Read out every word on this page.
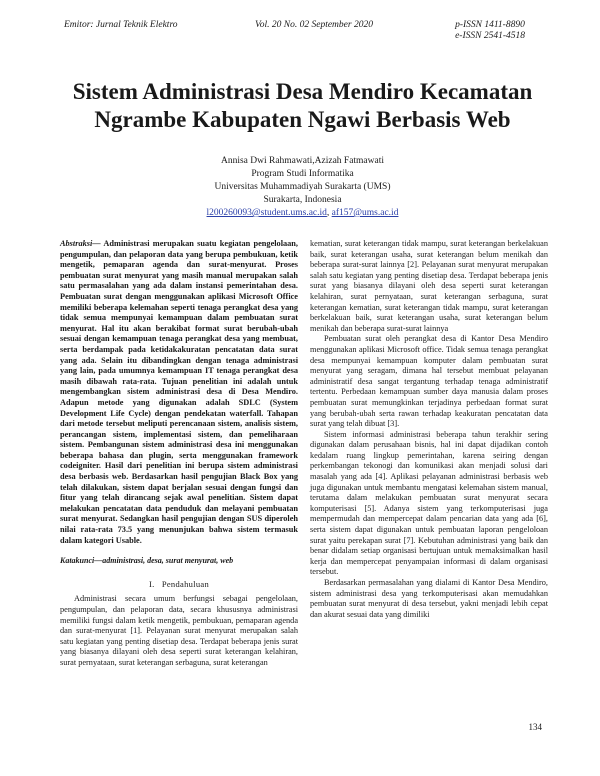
Emitor: Jurnal Teknik Elektro	Vol. 20 No. 02 September 2020	p-ISSN 1411-8890
e-ISSN 2541-4518
Sistem Administrasi Desa Mendiro Kecamatan
Ngrambe Kabupaten Ngawi Berbasis Web
Annisa Dwi Rahmawati,Azizah Fatmawati
Program Studi Informatika
Universitas Muhammadiyah Surakarta (UMS)
Surakarta, Indonesia
l200260093@student.ums.ac.id, af157@ums.ac.id

Abstraksi— Administrasi merupakan suatu kegiatan pengelolaan, pengumpulan, dan pelaporan data yang berupa pembukuan, ketik mengetik, pemaparan agenda dan surat-menyurat. Proses pembuatan surat menyurat yang masih manual merupakan salah satu permasalahan yang ada dalam instansi pemerintahan desa. Pembuatan surat dengan menggunakan aplikasi Microsoft Office memiliki beberapa kelemahan seperti tenaga perangkat desa yang tidak semua mempunyai kemampuan dalam pembuatan surat menyurat. Hal itu akan berakibat format surat berubah-ubah sesuai dengan kemampuan tenaga perangkat desa yang membuat, serta berdampak pada ketidakakuratan pencatatan data surat yang ada. Selain itu dibandingkan dengan tenaga administrasi yang lain, pada umumnya kemampuan IT tenaga perangkat desa masih dibawah rata-rata. Tujuan penelitian ini adalah untuk mengembangkan sistem administrasi desa di Desa Mendiro. Adapun metode yang digunakan adalah SDLC (System Development Life Cycle) dengan pendekatan waterfall. Tahapan dari metode tersebut meliputi perencanaan sistem, analisis sistem, perancangan sistem, implementasi sistem, dan pemeliharaan sistem. Pembangunan sistem administrasi desa ini menggunakan beberapa bahasa dan plugin, serta menggunakan framework codeigniter. Hasil dari penelitian ini berupa sistem administrasi desa berbasis web. Berdasarkan hasil pengujian Black Box yang telah dilakukan, sistem dapat berjalan sesuai dengan fungsi dan fitur yang telah dirancang sejak awal penelitian. Sistem dapat melakukan pencatatan data penduduk dan melayani pembuatan surat menyurat. Sedangkan hasil pengujian dengan SUS diperoleh nilai rata-rata 73.5 yang menunjukan bahwa sistem termasuk dalam kategori Usable.

Katakunci—administrasi, desa, surat menyurat, web
I. Pendahuluan

Administrasi secara umum berfungsi sebagai pengelolaan, pengumpulan, dan pelaporan data, secara khususnya administrasi memiliki fungsi dalam ketik mengetik, pembukuan, pemaparan agenda dan surat-menyurat [1]. Pelayanan surat menyurat merupakan salah satu kegiatan yang penting disetiap desa. Terdapat beberapa jenis surat yang biasanya dilayani oleh desa seperti surat keterangan kelahiran, surat pernyataan, surat keterangan serbaguna, surat keterangan

kematian, surat keterangan tidak mampu, surat keterangan berkelakuan baik, surat keterangan usaha, surat keterangan belum menikah dan beberapa surat-surat lainnya [2]. Pelayanan surat menyurat merupakan salah satu kegiatan yang penting disetiap desa. Terdapat beberapa jenis surat yang biasanya dilayani oleh desa seperti surat keterangan kelahiran, surat pernyataan, surat keterangan serbaguna, surat keterangan kematian, surat keterangan tidak mampu, surat keterangan berkelakuan baik, surat keterangan usaha, surat keterangan belum menikah dan beberapa surat-surat lainnya

Pembuatan surat oleh perangkat desa di Kantor Desa Mendiro menggunakan aplikasi Microsoft office. Tidak semua tenaga perangkat desa mempunyai kemampuan komputer dalam pembuatan surat menyurat yang seragam, dimana hal tersebut membuat pelayanan administratif desa sangat tergantung terhadap tenaga administratif tertentu. Perbedaan kemampuan sumber daya manusia dalam proses pembuatan surat memungkinkan terjadinya perbedaan format surat yang berubah-ubah serta rawan terhadap keakuratan pencatatan data surat yang telah dibuat [3].

Sistem informasi administrasi beberapa tahun terakhir sering digunakan dalam perusahaan bisnis, hal ini dapat dijadikan contoh kedalam ruang lingkup pemerintahan, karena seiring dengan perkembangan tekonogi dan komunikasi akan menjadi solusi dari masalah yang ada [4]. Aplikasi pelayanan administrasi berbasis web juga digunakan untuk membantu mengatasi kelemahan sistem manual, terutama dalam melakukan pembuatan surat menyurat secara komputerisasi [5]. Adanya sistem yang terkomputerisasi juga mempermudah dan mempercepat dalam pencarian data yang ada [6], serta sistem dapat digunakan untuk pembuatan laporan pengeloloan surat yaitu perekapan surat [7]. Kebutuhan administrasi yang baik dan benar didalam setiap organisasi bertujuan untuk memaksimalkan hasil kerja dan mempercepat penyampaian informasi di dalam organisasi tersebut.

Berdasarkan permasalahan yang dialami di Kantor Desa Mendiro, sistem administrasi desa yang terkomputerisasi akan memudahkan pembuatan surat menyurat di desa tersebut, yakni menjadi lebih cepat dan akurat sesuai data yang dimiliki

134
